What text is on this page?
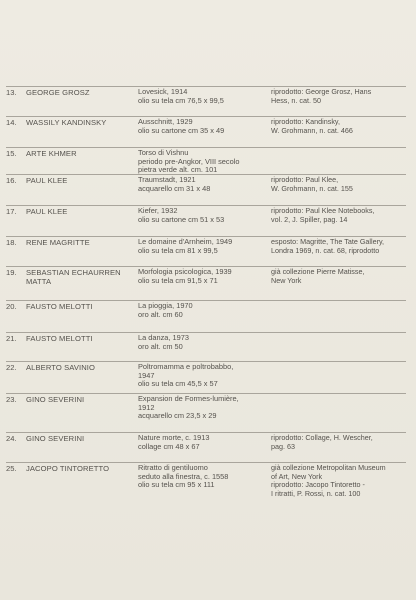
13.	GEORGE GROSZ	Lovesick, 1914
olio su tela cm 76,5 x 99,5
riprodotto: George Grosz, Hans
Hess, n. cat. 50
14.	WASSILY KANDINSKY	Ausschnitt, 1929
olio su cartone cm 35 x 49
riprodotto: Kandinsky,
W. Grohmann, n. cat. 466
15.	ARTE KHMER	Torso di Vishnu
periodo pre-Angkor, VIII secolo
pietra verde alt. cm. 101
16.	PAUL KLEE	Traumstadt, 1921
acquarello cm 31 x 48
riprodotto: Paul Klee,
W. Grohmann, n. cat. 155
17.	PAUL KLEE	Kiefer, 1932
olio su cartone cm 51 x 53
riprodotto: Paul Klee Notebooks,
vol. 2, J. Spiller, pag. 14
18.	RENE MAGRITTE	Le domaine d'Arnheim, 1949
olio su tela cm 81 x 99,5
esposto: Magritte, The Tate Gallery,
Londra 1969, n. cat. 68, riprodotto
19.	SEBASTIAN ECHAURREN
MATTA
Morfologia psicologica, 1939
olio su tela cm 91,5 x 71
già collezione Pierre Matisse,
New York
20.	FAUSTO MELOTTI	La pioggia, 1970
oro alt. cm 60
21.	FAUSTO MELOTTI	La danza, 1973
oro alt. cm 50
22.	ALBERTO SAVINIO	Poltromamma e poltrobabbo,
1947
olio su tela cm 45,5 x 57
23.	GINO SEVERINI	Expansion de Formes-lumière,
1912
acquarello cm 23,5 x 29
24.	GINO SEVERINI	Nature morte, c. 1913
collage cm 48 x 67
riprodotto: Collage, H. Wescher,
pag. 63
25.	JACOPO TINTORETTO	Ritratto di gentiluomo
seduto alla finestra, c. 1558
olio su tela cm 95 x 111
già collezione Metropolitan Museum
of Art, New York
riprodotto: Jacopo Tintoretto -
I ritratti, P. Rossi, n. cat. 100
